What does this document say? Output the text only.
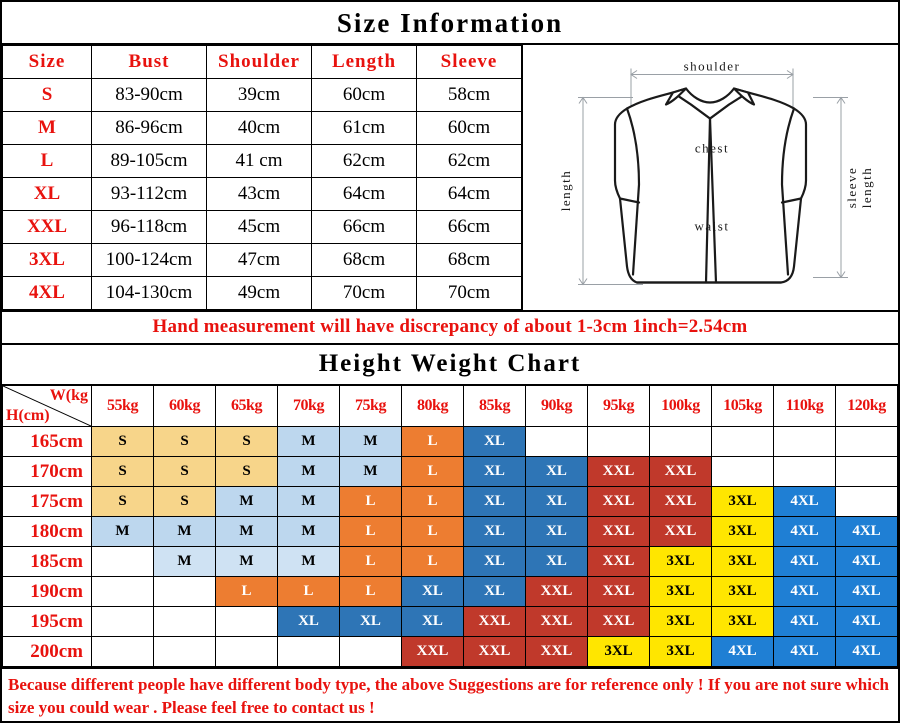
Size Information
Size	Bust	Shoulder	Length	Sleeve
S	83-90cm	39cm	60cm	58cm
M	86-96cm	40cm	61cm	60cm
L	89-105cm	41 cm	62cm	62cm
XL	93-112cm	43cm	64cm	64cm
XXL	96-118cm	45cm	66cm	66cm
3XL	100-124cm	47cm	68cm	68cm
4XL	104-130cm	49cm	70cm	70cm
shoulder
chest
waist
length	sleeve length
Hand measurement will have discrepancy of about 1-3cm 1inch=2.54cm
Height Weight Chart
W(kg
H(cm)	55kg	60kg	65kg	70kg	75kg	80kg	85kg	90kg	95kg	100kg	105kg	110kg	120kg
165cm	S	S	S	M	M	L	XL						
170cm	S	S	S	M	M	L	XL	XL	XXL	XXL			
175cm	S	S	M	M	L	L	XL	XL	XXL	XXL	3XL	4XL	
180cm	M	M	M	M	L	L	XL	XL	XXL	XXL	3XL	4XL	4XL
185cm		M	M	M	L	L	XL	XL	XXL	3XL	3XL	4XL	4XL
190cm			L	L	L	XL	XL	XXL	XXL	3XL	3XL	4XL	4XL
195cm				XL	XL	XL	XXL	XXL	XXL	3XL	3XL	4XL	4XL
200cm						XXL	XXL	XXL	3XL	3XL	4XL	4XL	4XL
Because different people have different body type, the above Suggestions are for reference only ! If you are not sure which size you could wear . Please feel free to contact us !
